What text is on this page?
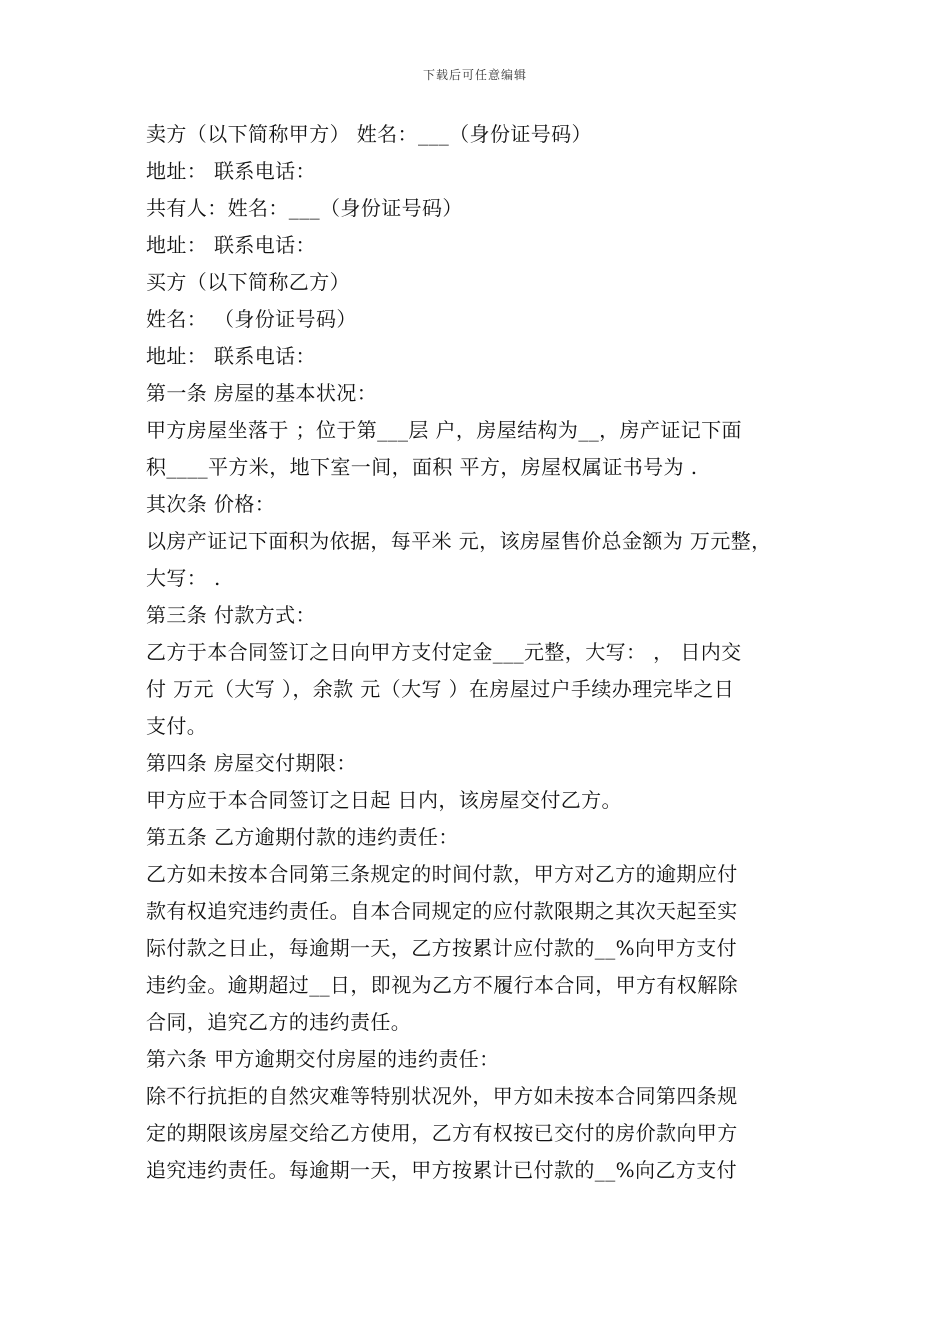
下载后可任意编辑
卖方（以下简称甲方） 姓名：___（身份证号码）
地址： 联系电话：
共有人：姓名：___（身份证号码）
地址： 联系电话：
买方（以下简称乙方）
姓名： （身份证号码）
地址： 联系电话：
第一条 房屋的基本状况：
甲方房屋坐落于 ；位于第___层 户，房屋结构为__，房产证记下面
积____平方米，地下室一间，面积 平方，房屋权属证书号为 .
其次条 价格：
以房产证记下面积为依据，每平米 元，该房屋售价总金额为 万元整，
大写： .
第三条 付款方式：
乙方于本合同签订之日向甲方支付定金___元整，大写： ， 日内交
付 万元（大写 ），余款 元（大写 ）在房屋过户手续办理完毕之日
支付。
第四条 房屋交付期限：
甲方应于本合同签订之日起 日内，该房屋交付乙方。
第五条 乙方逾期付款的违约责任：
乙方如未按本合同第三条规定的时间付款，甲方对乙方的逾期应付
款有权追究违约责任。自本合同规定的应付款限期之其次天起至实
际付款之日止，每逾期一天，乙方按累计应付款的__%向甲方支付
违约金。逾期超过__日，即视为乙方不履行本合同，甲方有权解除
合同，追究乙方的违约责任。
第六条 甲方逾期交付房屋的违约责任：
除不行抗拒的自然灾难等特别状况外，甲方如未按本合同第四条规
定的期限该房屋交给乙方使用，乙方有权按已交付的房价款向甲方
追究违约责任。每逾期一天，甲方按累计已付款的__%向乙方支付
